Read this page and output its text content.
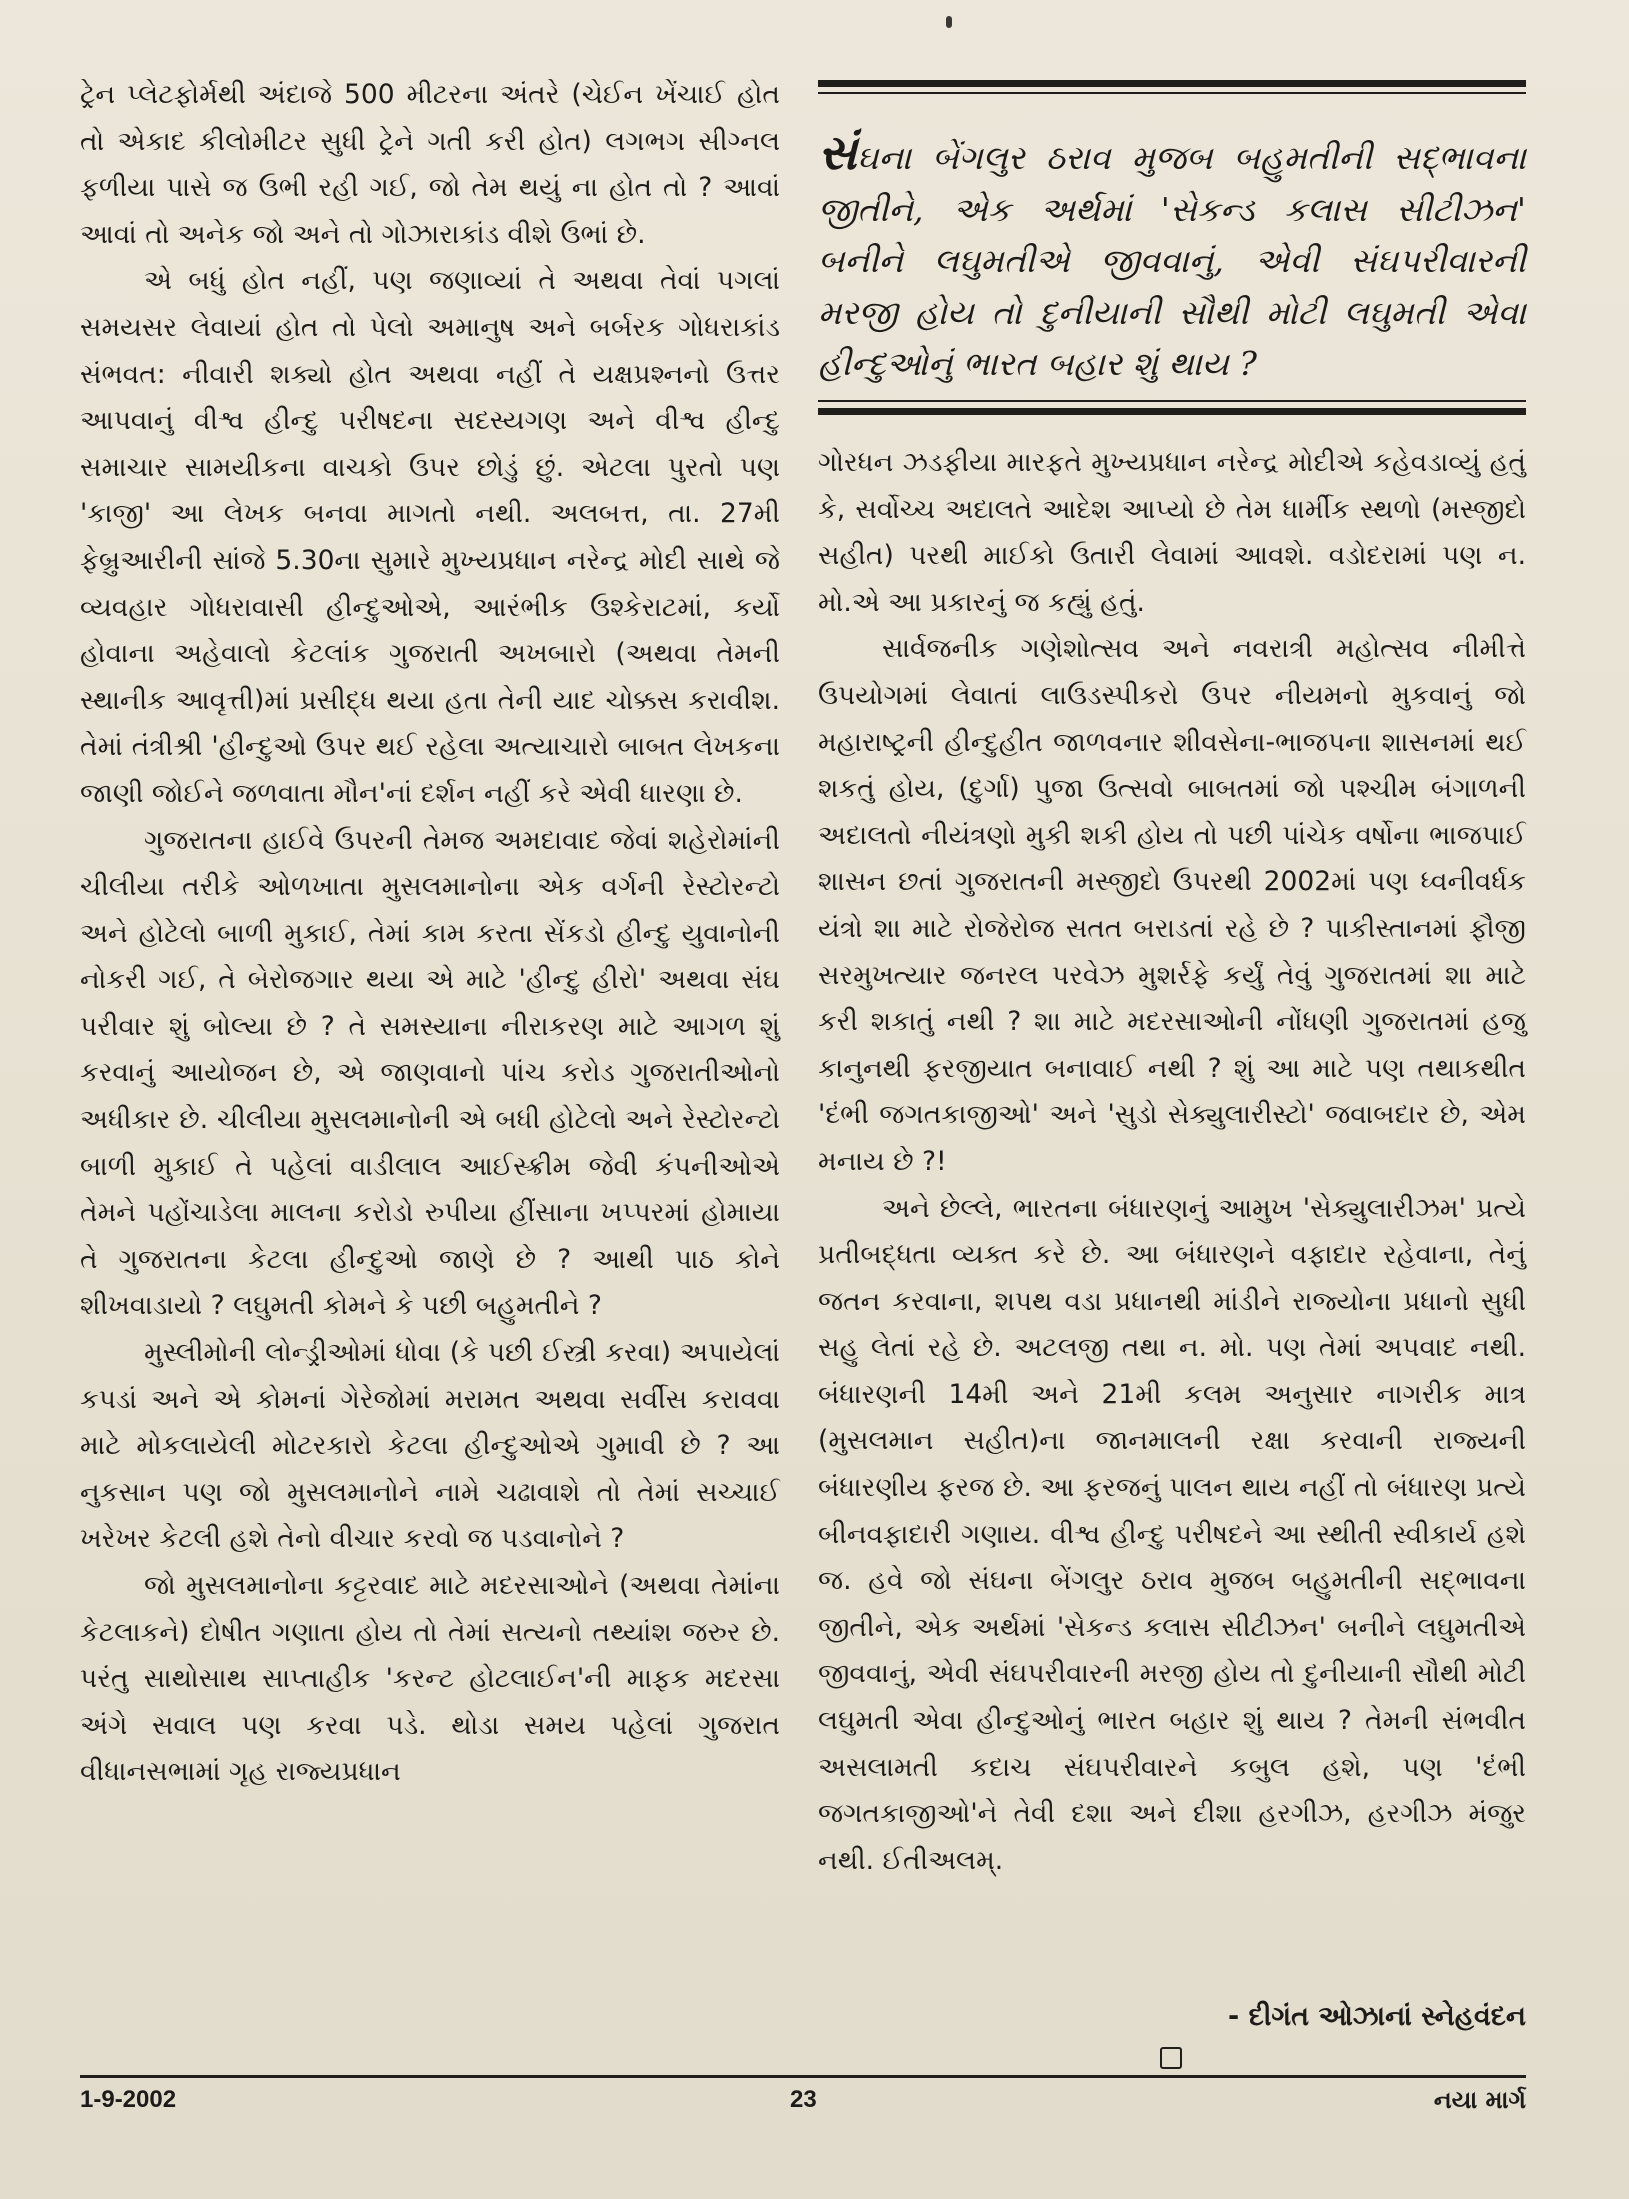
ટ્રેન પ્લેટફોર્મથી અંદાજે 500 મીટરના અંતરે (ચેઈન ખેંચાઈ હોત તો એકાદ કીલોમીટર સુધી ટ્રેને ગતી કરી હોત) લગભગ સીગ્નલ ફળીયા પાસે જ ઉભી રહી ગઈ, જો તેમ થયું ના હોત તો ? આવાં આવાં તો અનેક જો અને તો ગોઝારાકાંડ વીશે ઉભાં છે.

એ બધું હોત નહીં, પણ જણાવ્યાં તે અથવા તેવાં પગલાં સમયસર લેવાયાં હોત તો પેલો અમાનુષ અને બર્બરક ગોધરાકાંડ સંભવત: નીવારી શક્યો હોત અથવા નહીં તે યક્ષપ્રશ્નનો ઉત્તર આપવાનું વીશ્વ હીન્દુ પરીષદના સદસ્યગણ અને વીશ્વ હીન્દુ સમાચાર સામયીકના વાચકો ઉપર છોડું છું. એટલા પુરતો પણ 'કાજી' આ લેખક બનવા માગતો નથી. અલબત્ત, તા. 27મી ફેબ્રુઆરીની સાંજે 5.30ના સુમારે મુખ્યપ્રધાન નરેન્દ્ર મોદી સાથે જે વ્યવહાર ગોધરાવાસી હીન્દુઓએ, આરંભીક ઉશ્કેરાટમાં, કર્યો હોવાના અહેવાલો કેટલાંક ગુજરાતી અખબારો (અથવા તેમની સ્થાનીક આવૃત્તી)માં પ્રસીદ્ધ થયા હતા તેની યાદ ચોક્કસ કરાવીશ. તેમાં તંત્રીશ્રી 'હીન્દુઓ ઉપર થઈ રહેલા અત્યાચારો બાબત લેખકના જાણી જોઈને જળવાતા મૌન'નાં દર્શન નહીં કરે એવી ધારણા છે.

ગુજરાતના હાઈવે ઉપરની તેમજ અમદાવાદ જેવાં શહેરોમાંની ચીલીયા તરીકે ઓળખાતા મુસલમાનોના એક વર્ગની રેસ્ટોરન્ટો અને હોટેલો બાળી મુકાઈ, તેમાં કામ કરતા સેંકડો હીન્દુ યુવાનોની નોકરી ગઈ, તે બેરોજગાર થયા એ માટે 'હીન્દુ હીરો' અથવા સંઘ પરીવાર શું બોલ્યા છે ? તે સમસ્યાના નીરાકરણ માટે આગળ શું કરવાનું આયોજન છે, એ જાણવાનો પાંચ કરોડ ગુજરાતીઓનો અધીકાર છે. ચીલીયા મુસલમાનોની એ બધી હોટેલો અને રેસ્ટોરન્ટો બાળી મુકાઈ તે પહેલાં વાડીલાલ આઈસ્ક્રીમ જેવી કંપનીઓએ તેમને પહોંચાડેલા માલના કરોડો રુપીયા હીંસાના ખપ્પરમાં હોમાયા તે ગુજરાતના કેટલા હીન્દુઓ જાણે છે ? આથી પાઠ કોને શીખવાડાયો ? લઘુમતી કોમને કે પછી બહુમતીને ?

મુસ્લીમોની લોન્ડ્રીઓમાં ધોવા (કે પછી ઈસ્ત્રી કરવા) અપાયેલાં કપડાં અને એ કોમનાં ગેરેજોમાં મરામત અથવા સર્વીસ કરાવવા માટે મોકલાયેલી મોટરકારો કેટલા હીન્દુઓએ ગુમાવી છે ? આ નુકસાન પણ જો મુસલમાનોને નામે ચઢાવાશે તો તેમાં સચ્ચાઈ ખરેખર કેટલી હશે તેનો વીચાર કરવો જ પડવાનોને ?

જો મુસલમાનોના કટ્ટરવાદ માટે મદરસાઓને (અથવા તેમાંના કેટલાકને) દોષીત ગણાતા હોય તો તેમાં સત્યનો તથ્યાંશ જરુર છે. પરંતુ સાથોસાથ સાપ્તાહીક 'કરન્ટ હોટલાઈન'ની માફક મદરસા અંગે સવાલ પણ કરવા પડે. થોડા સમય પહેલાં ગુજરાત વીધાનસભામાં ગૃહ રાજ્યપ્રધાન

સંઘના બેંગલુર ઠરાવ મુજબ બહુમતીની સદ્ભાવના જીતીને, એક અર્થમાં 'સેકન્ડ કલાસ સીટીઝન' બનીને લઘુમતીએ જીવવાનું, એવી સંઘપરીવારની મરજી હોય તો દુનીયાની સૌથી મોટી લઘુમતી એવા હીન્દુઓનું ભારત બહાર શું થાય ?

ગોરધન ઝડફીયા મારફતે મુખ્યપ્રધાન નરેન્દ્ર મોદીએ કહેવડાવ્યું હતું કે, સર્વોચ્ચ અદાલતે આદેશ આપ્યો છે તેમ ધાર્મીક સ્થળો (મસ્જીદો સહીત) પરથી માઈકો ઉતારી લેવામાં આવશે. વડોદરામાં પણ ન. મો.એ આ પ્રકારનું જ કહ્યું હતું.

સાર્વજનીક ગણેશોત્સવ અને નવરાત્રી મહોત્સવ નીમીત્તે ઉપયોગમાં લેવાતાં લાઉડસ્પીકરો ઉપર નીયમનો મુકવાનું જો મહારાષ્ટ્રની હીન્દુહીત જાળવનાર શીવસેના-ભાજપના શાસનમાં થઈ શકતું હોય, (દુર્ગા) પુજા ઉત્સવો બાબતમાં જો પશ્ચીમ બંગાળની અદાલતો નીયંત્રણો મુકી શકી હોય તો પછી પાંચેક વર્ષોના ભાજપાઈ શાસન છતાં ગુજરાતની મસ્જીદો ઉપરથી 2002માં પણ ધ્વનીવર્ધક યંત્રો શા માટે રોજેરોજ સતત બરાડતાં રહે છે ? પાકીસ્તાનમાં ફૌજી સરમુખત્યાર જનરલ પરવેઝ મુશર્રફે કર્યું તેવું ગુજરાતમાં શા માટે કરી શકાતું નથી ? શા માટે મદરસાઓની નોંધણી ગુજરાતમાં હજુ કાનુનથી ફરજીયાત બનાવાઈ નથી ? શું આ માટે પણ તથાકથીત 'દંભી જગતકાજીઓ' અને 'સુડો સેક્યુલારીસ્ટો' જવાબદાર છે, એમ મનાય છે ?!

અને છેલ્લે, ભારતના બંધારણનું આમુખ 'સેક્યુલારીઝમ' પ્રત્યે પ્રતીબદ્ધતા વ્યક્ત કરે છે. આ બંધારણને વફાદાર રહેવાના, તેનું જતન કરવાના, શપથ વડા પ્રધાનથી માંડીને રાજ્યોના પ્રધાનો સુધી સહુ લેતાં રહે છે. અટલજી તથા ન. મો. પણ તેમાં અપવાદ નથી. બંધારણની 14મી અને 21મી કલમ અનુસાર નાગરીક માત્ર (મુસલમાન સહીત)ના જાનમાલની રક્ષા કરવાની રાજ્યની બંધારણીય ફરજ છે. આ ફરજનું પાલન થાય નહીં તો બંધારણ પ્રત્યે બીનવફાદારી ગણાય. વીશ્વ હીન્દુ પરીષદને આ સ્થીતી સ્વીકાર્ય હશે જ. હવે જો સંઘના બેંગલુર ઠરાવ મુજબ બહુમતીની સદ્ભાવના જીતીને, એક અર્થમાં 'સેકન્ડ કલાસ સીટીઝન' બનીને લઘુમતીએ જીવવાનું, એવી સંઘપરીવારની મરજી હોય તો દુનીયાની સૌથી મોટી લઘુમતી એવા હીન્દુઓનું ભારત બહાર શું થાય ? તેમની સંભવીત અસલામતી કદાચ સંઘપરીવારને કબુલ હશે, પણ 'દંભી જગતકાજીઓ'ને તેવી દશા અને દીશા હરગીઝ, હરગીઝ મંજુર નથી. ઈતીઅલમ્.

- દીગંત ઓઝાનાં સ્નેહવંદન
1-9-2002	23	નયા માર્ગ
